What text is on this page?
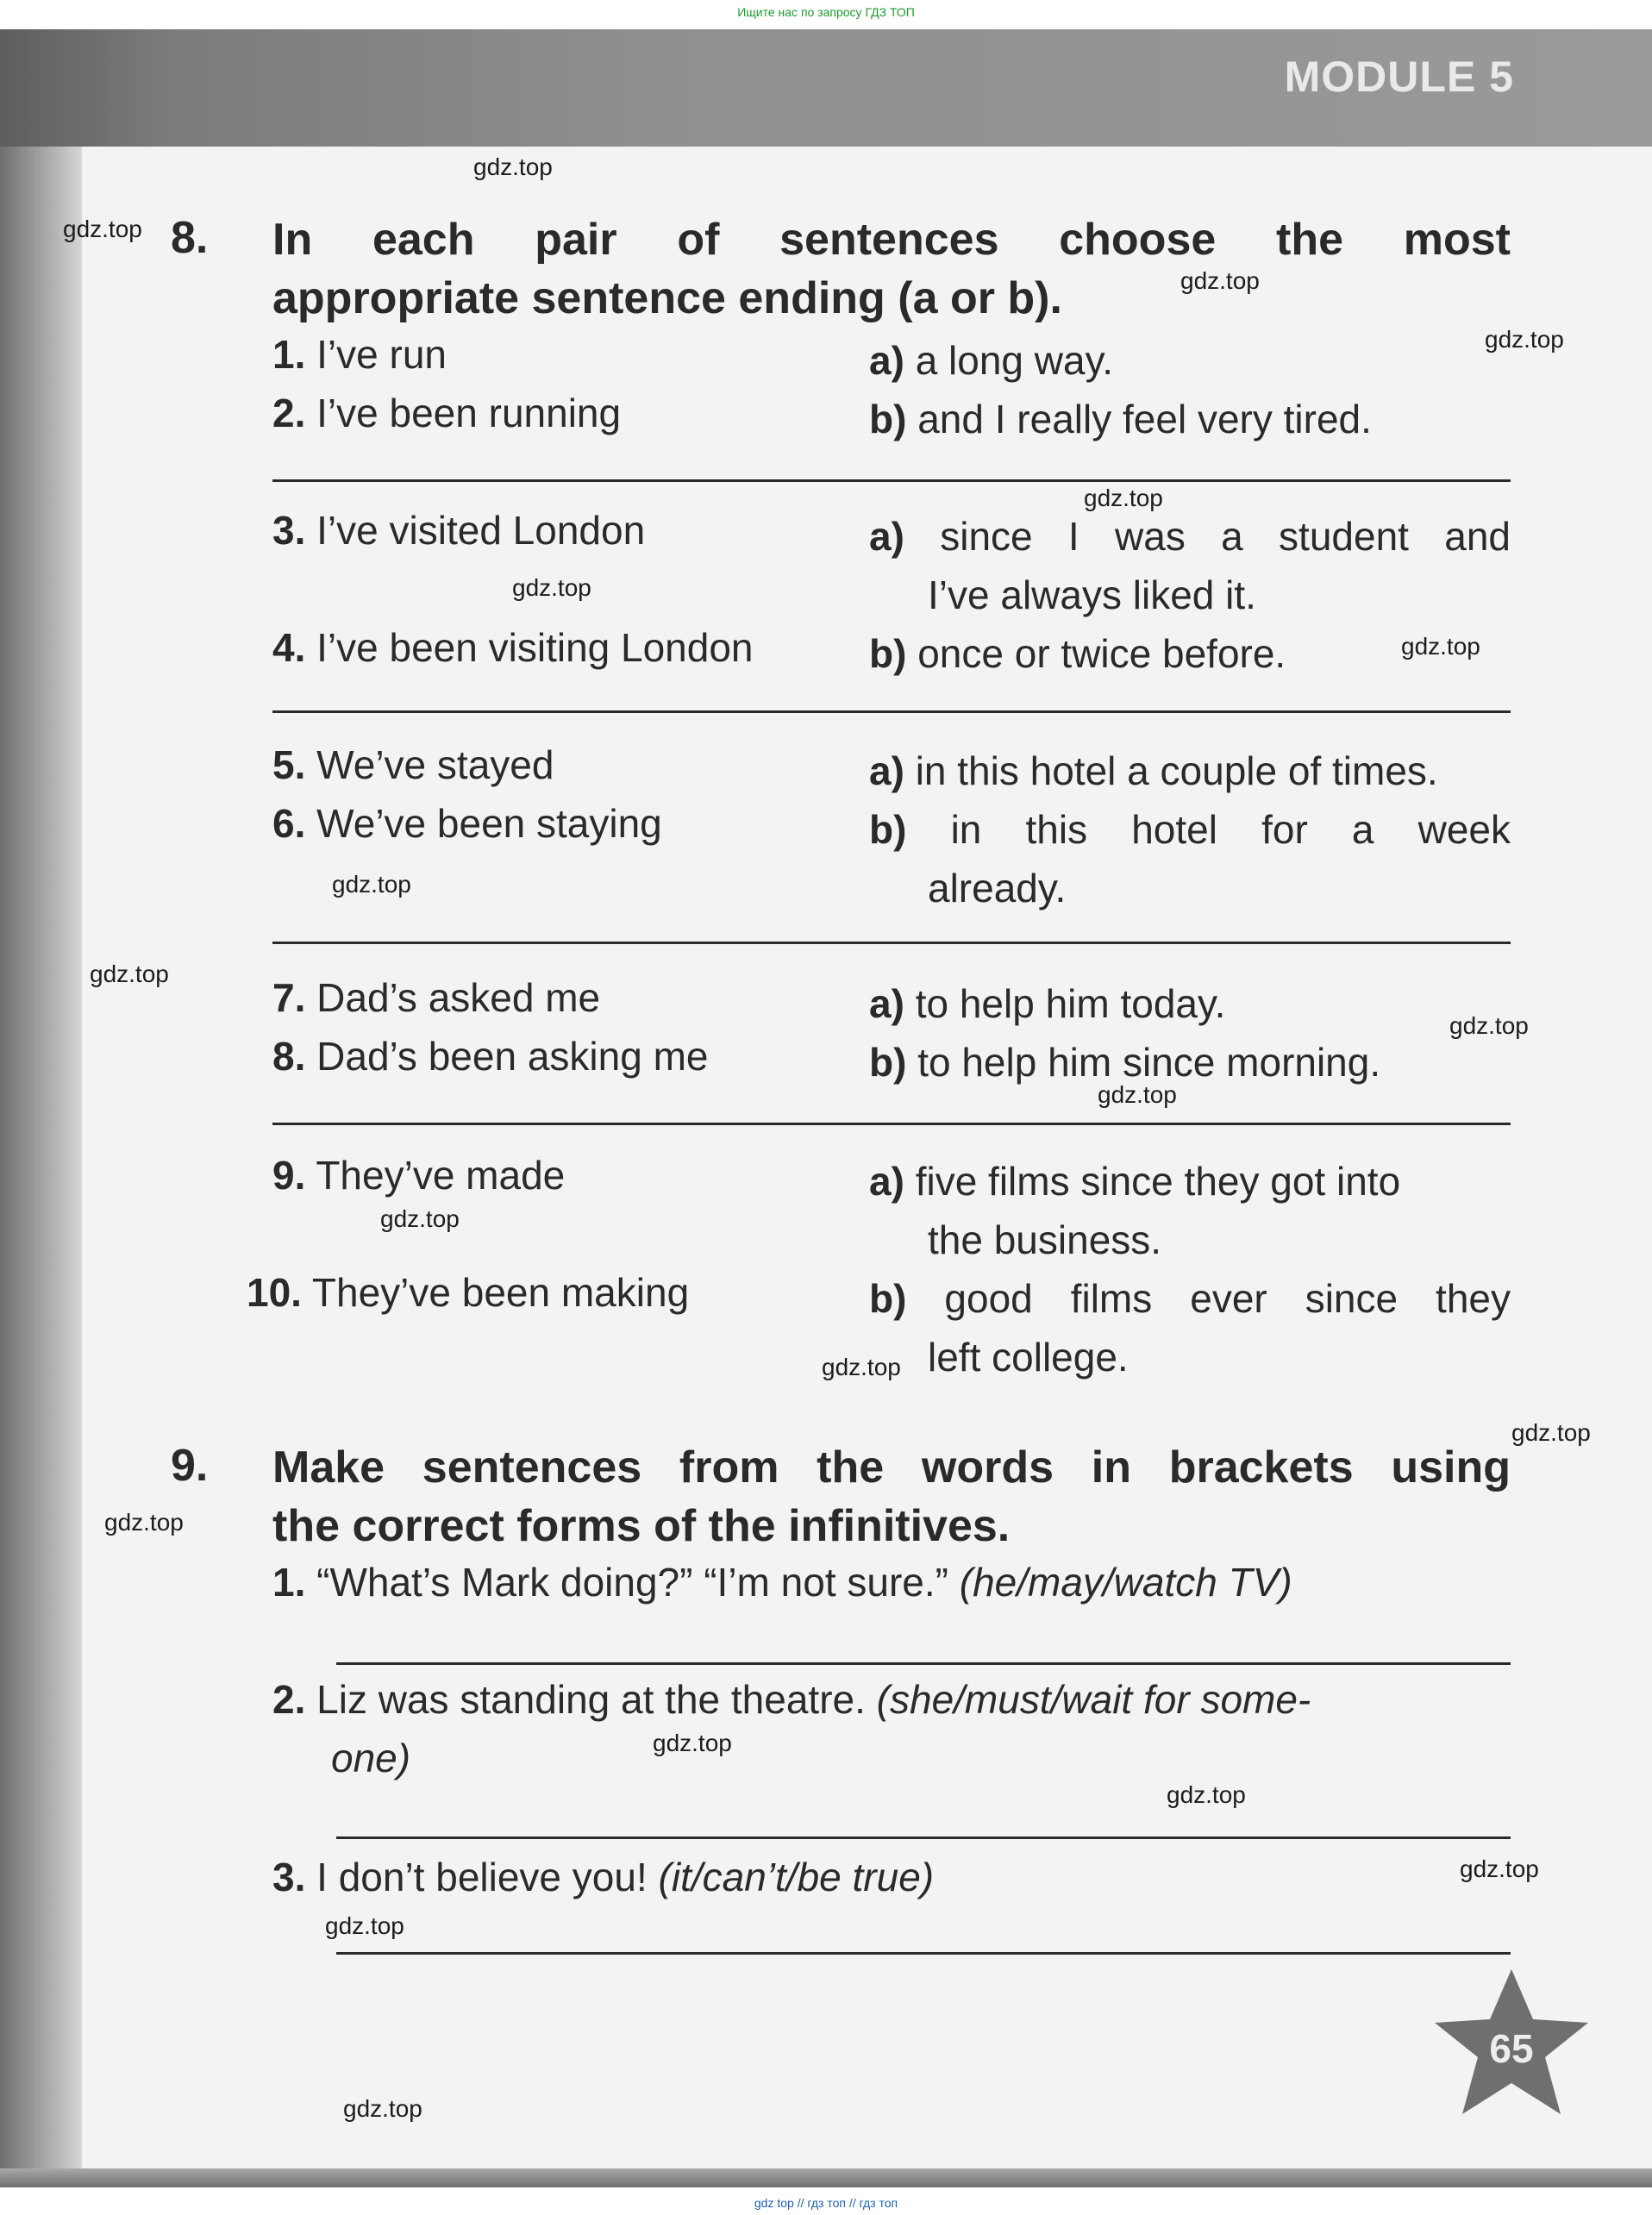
Ищите нас по запросу ГДЗ ТОП
MODULE 5
8. In each pair of sentences choose the most
appropriate sentence ending (a or b).
1. I’ve run
2. I’ve been running
a) a long way.
b) and I really feel very tired.
3. I’ve visited London
4. I’ve been visiting London
a) since I was a student and
I’ve always liked it.
b) once or twice before.
5. We’ve stayed
6. We’ve been staying
a) in this hotel a couple of times.
b) in this hotel for a week
already.
7. Dad’s asked me
8. Dad’s been asking me
a) to help him today.
b) to help him since morning.
9. They’ve made
10. They’ve been making
a) five films since they got into
the business.
b) good films ever since they
left college.
9. Make sentences from the words in brackets using
the correct forms of the infinitives.
1. “What’s Mark doing?” “I’m not sure.” (he/may/watch TV)
2. Liz was standing at the theatre. (she/must/wait for some-
one)
3. I don’t believe you! (it/can’t/be true)
65
gdz.top
gdz.top
gdz.top
gdz.top
gdz.top
gdz.top
gdz.top
gdz.top
gdz.top
gdz.top
gdz.top
gdz.top
gdz.top
gdz.top
gdz.top
gdz.top
gdz.top
gdz.top
gdz.top
gdz.top
gdz top // гдз топ // гдз топ
